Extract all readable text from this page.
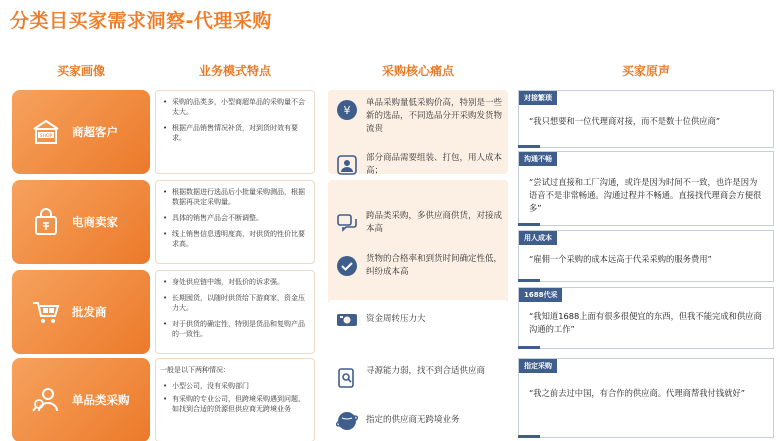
分类目买家需求洞察-代理采购
买家画像	业务模式特点	采购核心痛点	买家原声
SHOP 商超客户
电商卖家
批发商
单品类采购
• 采购的品类多，小型商超单品的采购量不会太大。
• 根据产品销售情况补货，对到货时效有要求。
• 根据数据进行选品后小批量采购测品，根据数据再决定采购量。
• 具体的销售产品会不断调整。
• 线上销售信息透明度高，对供货的性价比要求高。
• 身处供应链中端，对低价的诉求强。
• 长期囤货，以随时供货给下游商家，资金压力大。
• 对于供货的确定性，特别是货品和复购产品的一致性。
一般是以下两种情况：
• 小型公司，没有采购部门
• 有采购的专业公司，但跨境采购遇到问题，如找到合适的货源但供应商无跨境业务
¥
单品采购量低采购价高，特别是一些新的选品，不同选品分开采购发货物流贵
部分商品需要组装、打包，用人成本高；
跨品类采购，多供应商供货，对接成本高
货物的合格率和到货时间确定性低，纠纷成本高
资金周转压力大
寻源能力弱，找不到合适供应商
指定的供应商无跨境业务
对接繁琐
“我只想要和一位代理商对接，而不是数十位供应商”
沟通不畅
“尝试过直接和工厂沟通，或许是因为时间不一致，也许是因为语音不是非常畅通。沟通过程并不畅通。直接找代理商会方便很多”
用人成本
“雇佣一个采购的成本远高于代采采购的服务费用”
1688代采
“我知道1688上面有很多很便宜的东西，但我不能完成和供应商沟通的工作”
指定采购
“我之前去过中国，有合作的供应商。代理商帮我付钱就好”
